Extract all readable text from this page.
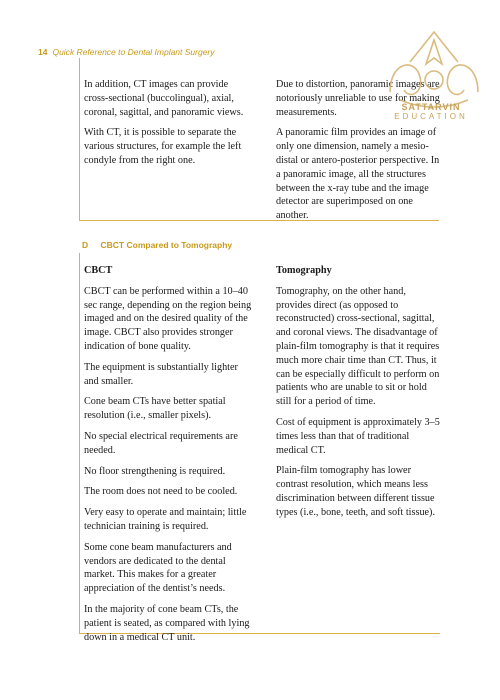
14 Quick Reference to Dental Implant Surgery

In addition, CT images can provide cross-sectional (buccolingual), axial, coronal, sagittal, and panoramic views.

With CT, it is possible to separate the various structures, for example the left condyle from the right one.

Due to distortion, panoramic images are notoriously unreliable to use for making measurements.

A panoramic film provides an image of only one dimension, namely a mesio-distal or antero-posterior perspective. In a panoramic image, all the structures between the x-ray tube and the image detector are superimposed on one another.

SATTARVIN
EDUCATION
D CBCT Compared to Tomography
CBCT

CBCT can be performed within a 10–40 sec range, depending on the region being imaged and on the desired quality of the image. CBCT also provides stronger indication of bone quality.

The equipment is substantially lighter and smaller.

Cone beam CTs have better spatial resolution (i.e., smaller pixels).

No special electrical requirements are needed.

No floor strengthening is required.

The room does not need to be cooled.

Very easy to operate and maintain; little technician training is required.

Some cone beam manufacturers and vendors are dedicated to the dental market. This makes for a greater appreciation of the dentist’s needs.

In the majority of cone beam CTs, the patient is seated, as compared with lying down in a medical CT unit.

Tomography

Tomography, on the other hand, provides direct (as opposed to reconstructed) cross-sectional, sagittal, and coronal views. The disadvantage of plain-film tomography is that it requires much more chair time than CT. Thus, it can be especially difficult to perform on patients who are unable to sit or hold still for a period of time.

Cost of equipment is approximately 3–5 times less than that of traditional medical CT.

Plain-film tomography has lower contrast resolution, which means less discrimination between different tissue types (i.e., bone, teeth, and soft tissue).
